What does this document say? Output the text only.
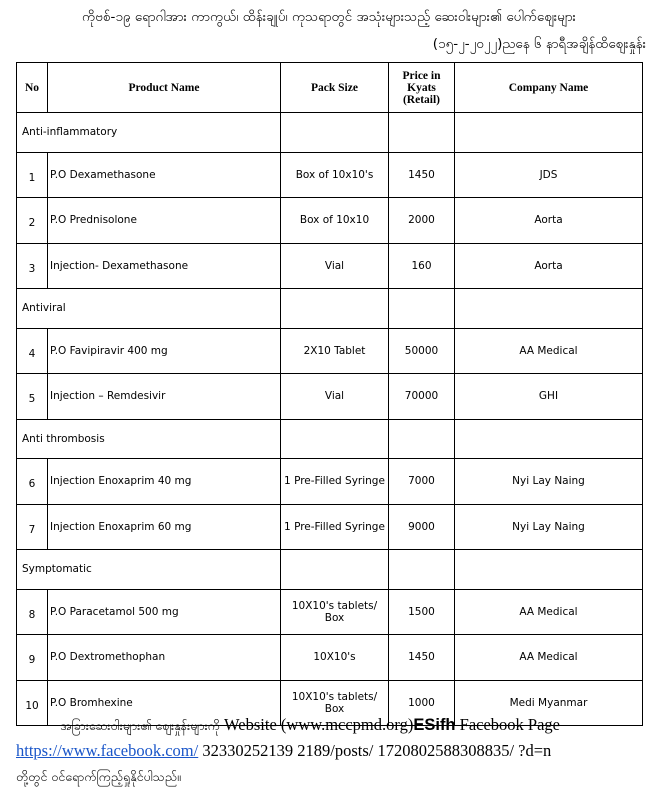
ကိုဗစ်-၁၉ ရောဂါအား ကာကွယ်၊ ထိန်းချုပ်၊ ကုသရာတွင် အသုံးများသည့် ဆေးဝါးများ၏ ပေါက်ဈေးများ
(၁၅-၂-၂၀၂၂)ညနေ ၆ နာရီအချိန်ထိဈေးနှုန်း
No	Product Name	Pack Size	Price in Kyats (Retail)	Company Name
Anti-inflammatory				
1	P.O Dexamethasone	Box of 10x10's	1450	JDS
2	P.O Prednisolone	Box of 10x10	2000	Aorta
3	Injection- Dexamethasone	Vial	160	Aorta
Antiviral				
4	P.O Favipiravir 400 mg	2X10 Tablet	50000	AA Medical
5	Injection – Remdesivir	Vial	70000	GHI
Anti thrombosis				
6	Injection Enoxaprim 40 mg	1 Pre-Filled Syringe	7000	Nyi Lay Naing
7	Injection Enoxaprim 60 mg	1 Pre-Filled Syringe	9000	Nyi Lay Naing
Symptomatic				
8	P.O Paracetamol 500 mg	10X10's tablets/ Box	1500	AA Medical
9	P.O Dextromethophan	10X10's	1450	AA Medical
10	P.O Bromhexine	10X10's tablets/ Box	1000	Medi Myanmar
အခြားဆေးဝါးများ၏ ဈေးနှုန်းများကို Website (www.mccpmd.org)ESifh Facebook Page
https://www.facebook.com/ 32330252139 2189/posts/ 1720802588308835/ ?d=n
တို့တွင် ဝင်ရောက်ကြည့်ရှုနိုင်ပါသည်။
